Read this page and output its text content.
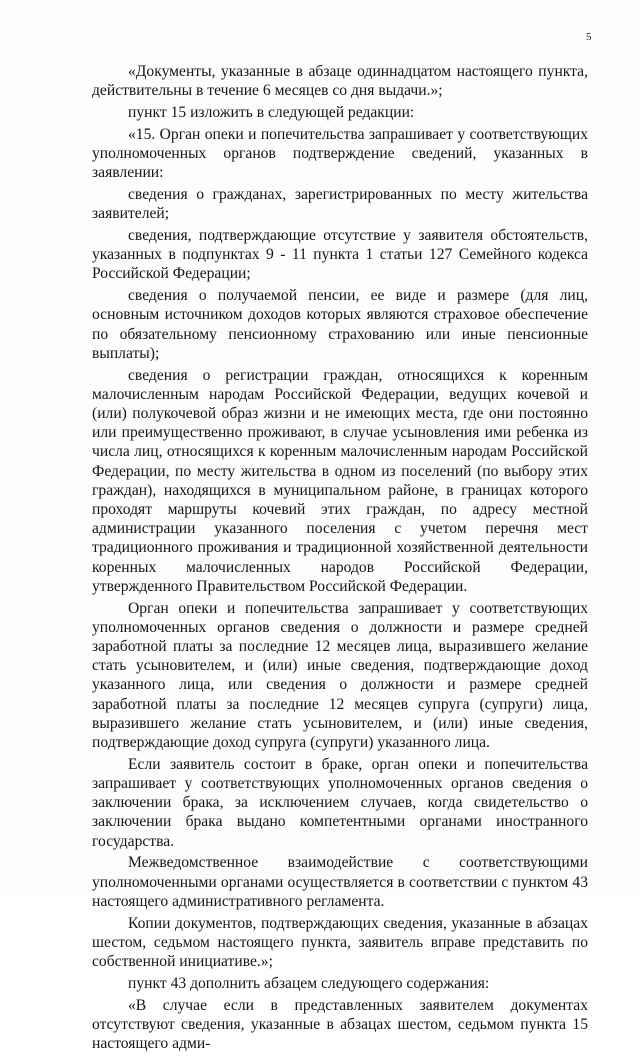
5

«Документы, указанные в абзаце одиннадцатом настоящего пункта, действительны в течение 6 месяцев со дня выдачи.»;

пункт 15 изложить в следующей редакции:

«15. Орган опеки и попечительства запрашивает у соответствующих уполномоченных органов подтверждение сведений, указанных в заявлении:

сведения о гражданах, зарегистрированных по месту жительства заявителей;

сведения, подтверждающие отсутствие у заявителя обстоятельств, указанных в подпунктах 9 - 11 пункта 1 статьи 127 Семейного кодекса Российской Федерации;

сведения о получаемой пенсии, ее виде и размере (для лиц, основным источником доходов которых являются страховое обеспечение по обязательному пенсионному страхованию или иные пенсионные выплаты);

сведения о регистрации граждан, относящихся к коренным малочисленным народам Российской Федерации, ведущих кочевой и (или) полукочевой образ жизни и не имеющих места, где они постоянно или преимущественно проживают, в случае усыновления ими ребенка из числа лиц, относящихся к коренным малочисленным народам Российской Федерации, по месту жительства в одном из поселений (по выбору этих граждан), находящихся в муниципальном районе, в границах которого проходят маршруты кочевий этих граждан, по адресу местной администрации указанного поселения с учетом перечня мест традиционного проживания и традиционной хозяйственной деятельности коренных малочисленных народов Российской Федерации, утвержденного Правительством Российской Федерации.

Орган опеки и попечительства запрашивает у соответствующих уполномоченных органов сведения о должности и размере средней заработной платы за последние 12 месяцев лица, выразившего желание стать усыновителем, и (или) иные сведения, подтверждающие доход указанного лица, или сведения о должности и размере средней заработной платы за последние 12 месяцев супруга (супруги) лица, выразившего желание стать усыновителем, и (или) иные сведения, подтверждающие доход супруга (супруги) указанного лица.

Если заявитель состоит в браке, орган опеки и попечительства запрашивает у соответствующих уполномоченных органов сведения о заключении брака, за исключением случаев, когда свидетельство о заключении брака выдано компетентными органами иностранного государства.

Межведомственное взаимодействие с соответствующими уполномоченными органами осуществляется в соответствии с пунктом 43 настоящего административного регламента.

Копии документов, подтверждающих сведения, указанные в абзацах шестом, седьмом настоящего пункта, заявитель вправе представить по собственной инициативе.»;

пункт 43 дополнить абзацем следующего содержания:

«В случае если в представленных заявителем документах отсутствуют сведения, указанные в абзацах шестом, седьмом пункта 15 настоящего адми-
